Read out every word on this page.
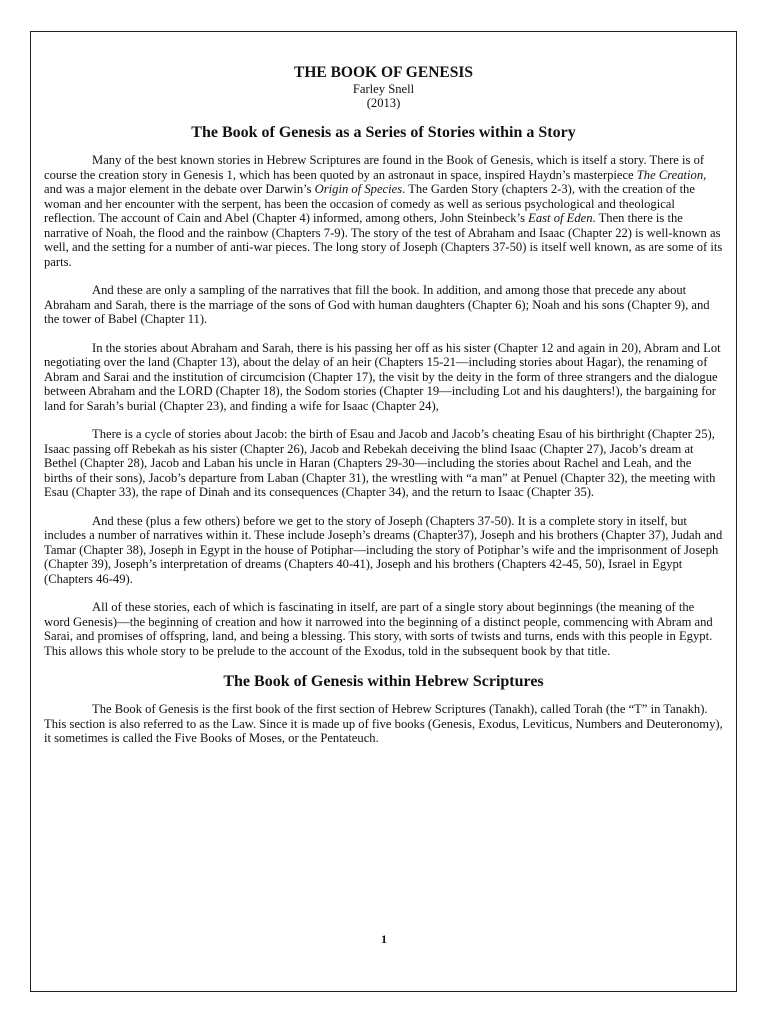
THE BOOK OF GENESIS

Farley Snell

(2013)

The Book of Genesis as a Series of Stories within a Story

Many of the best known stories in Hebrew Scriptures are found in the Book of Genesis, which is itself a story. There is of course the creation story in Genesis 1, which has been quoted by an astronaut in space, inspired Haydn’s masterpiece The Creation, and was a major element in the debate over Darwin’s Origin of Species. The Garden Story (chapters 2-3), with the creation of the woman and her encounter with the serpent, has been the occasion of comedy as well as serious psychological and theological reflection. The account of Cain and Abel (Chapter 4) informed, among others, John Steinbeck’s East of Eden. Then there is the narrative of Noah, the flood and the rainbow (Chapters 7-9). The story of the test of Abraham and Isaac (Chapter 22) is well-known as well, and the setting for a number of anti-war pieces. The long story of Joseph (Chapters 37-50) is itself well known, as are some of its parts.

And these are only a sampling of the narratives that fill the book. In addition, and among those that precede any about Abraham and Sarah, there is the marriage of the sons of God with human daughters (Chapter 6); Noah and his sons (Chapter 9), and the tower of Babel (Chapter 11).

In the stories about Abraham and Sarah, there is his passing her off as his sister (Chapter 12 and again in 20), Abram and Lot negotiating over the land (Chapter 13), about the delay of an heir (Chapters 15-21—including stories about Hagar), the renaming of Abram and Sarai and the institution of circumcision (Chapter 17), the visit by the deity in the form of three strangers and the dialogue between Abraham and the LORD (Chapter 18), the Sodom stories (Chapter 19—including Lot and his daughters!), the bargaining for land for Sarah’s burial (Chapter 23), and finding a wife for Isaac (Chapter 24),

There is a cycle of stories about Jacob: the birth of Esau and Jacob and Jacob’s cheating Esau of his birthright (Chapter 25), Isaac passing off Rebekah as his sister (Chapter 26), Jacob and Rebekah deceiving the blind Isaac (Chapter 27), Jacob’s dream at Bethel (Chapter 28), Jacob and Laban his uncle in Haran (Chapters 29-30—including the stories about Rachel and Leah, and the births of their sons), Jacob’s departure from Laban (Chapter 31), the wrestling with “a man” at Penuel (Chapter 32), the meeting with Esau (Chapter 33), the rape of Dinah and its consequences (Chapter 34), and the return to Isaac (Chapter 35).

And these (plus a few others) before we get to the story of Joseph (Chapters 37-50). It is a complete story in itself, but includes a number of narratives within it. These include Joseph’s dreams (Chapter37), Joseph and his brothers (Chapter 37), Judah and Tamar (Chapter 38), Joseph in Egypt in the house of Potiphar—including the story of Potiphar’s wife and the imprisonment of Joseph (Chapter 39), Joseph’s interpretation of dreams (Chapters 40-41), Joseph and his brothers (Chapters 42-45, 50), Israel in Egypt (Chapters 46-49).

All of these stories, each of which is fascinating in itself, are part of a single story about beginnings (the meaning of the word Genesis)—the beginning of creation and how it narrowed into the beginning of a distinct people, commencing with Abram and Sarai, and promises of offspring, land, and being a blessing. This story, with sorts of twists and turns, ends with this people in Egypt. This allows this whole story to be prelude to the account of the Exodus, told in the subsequent book by that title.

The Book of Genesis within Hebrew Scriptures

The Book of Genesis is the first book of the first section of Hebrew Scriptures (Tanakh), called Torah (the “T” in Tanakh). This section is also referred to as the Law. Since it is made up of five books (Genesis, Exodus, Leviticus, Numbers and Deuteronomy), it sometimes is called the Five Books of Moses, or the Pentateuch.

1
